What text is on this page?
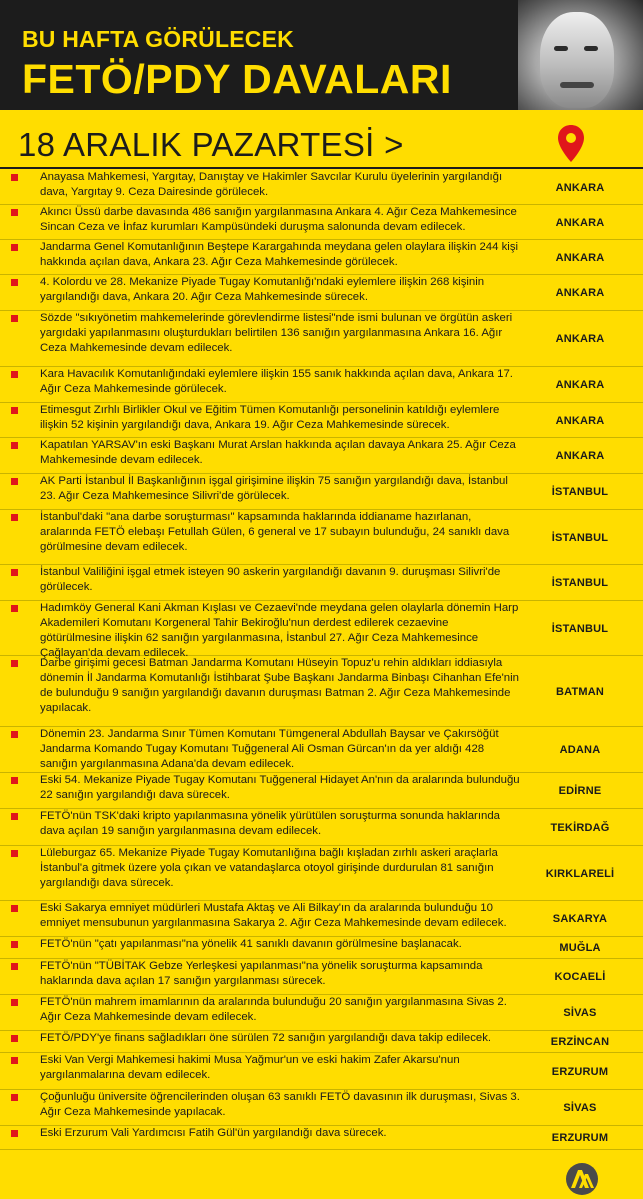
BU HAFTA GÖRÜLECEK
FETÖ/PDY DAVALARI
18 ARALIK PAZARTESİ >
Anayasa Mahkemesi, Yargıtay, Danıştay ve Hakimler Savcılar Kurulu üyelerinin yargılandığı dava, Yargıtay 9. Ceza Dairesinde görülecek.	ANKARA
Akıncı Üssü darbe davasında 486 sanığın yargılanmasına Ankara 4. Ağır Ceza Mahkemesince Sincan Ceza ve İnfaz kurumları Kampüsündeki duruşma salonunda devam edilecek.	ANKARA
Jandarma Genel Komutanlığının Beştepe Karargahında meydana gelen olaylara ilişkin 244 kişi hakkında açılan dava, Ankara 23. Ağır Ceza Mahkemesinde görülecek.	ANKARA
4. Kolordu ve 28. Mekanize Piyade Tugay Komutanlığı'ndaki eylemlere ilişkin 268 kişinin yargılandığı dava, Ankara 20. Ağır Ceza Mahkemesinde sürecek.	ANKARA
Sözde "sıkıyönetim mahkemelerinde görevlendirme listesi"nde ismi bulunan ve örgütün askeri yargıdaki yapılanmasını oluşturdukları belirtilen 136 sanığın yargılanmasına Ankara 16. Ağır Ceza Mahkemesinde devam edilecek.
ANKARA
Kara Havacılık Komutanlığındaki eylemlere ilişkin 155 sanık hakkında açılan dava, Ankara 17. Ağır Ceza Mahkemesinde görülecek.	ANKARA
Etimesgut Zırhlı Birlikler Okul ve Eğitim Tümen Komutanlığı personelinin katıldığı eylemlere ilişkin 52 kişinin yargılandığı dava, Ankara 19. Ağır Ceza Mahkemesinde sürecek.	ANKARA
Kapatılan YARSAV'ın eski Başkanı Murat Arslan hakkında açılan davaya Ankara 25. Ağır Ceza Mahkemesinde devam edilecek.	ANKARA
AK Parti İstanbul İl Başkanlığının işgal girişimine ilişkin 75 sanığın yargılandığı dava, İstanbul 23. Ağır Ceza Mahkemesince Silivri'de görülecek.	İSTANBUL
İstanbul'daki "ana darbe soruşturması" kapsamında haklarında iddianame hazırlanan, aralarında FETÖ elebaşı Fetullah Gülen, 6 general ve 17 subayın bulunduğu, 24 sanıklı dava görülmesine devam edilecek.
İSTANBUL
İstanbul Valiliğini işgal etmek isteyen 90 askerin yargılandığı davanın 9. duruşması Silivri'de görülecek.	İSTANBUL
Hadımköy General Kani Akman Kışlası ve Cezaevi'nde meydana gelen olaylarla dönemin Harp Akademileri Komutanı Korgeneral Tahir Bekiroğlu'nun derdest edilerek cezaevine götürülmesine ilişkin 62 sanığın yargılanmasına, İstanbul 27. Ağır Ceza Mahkemesince Çağlayan'da devam edilecek.
İSTANBUL
Darbe girişimi gecesi Batman Jandarma Komutanı Hüseyin Topuz'u rehin aldıkları iddiasıyla dönemin İl Jandarma Komutanlığı İstihbarat Şube Başkanı Jandarma Binbaşı Cihanhan Efe'nin de bulunduğu 9 sanığın yargılandığı davanın duruşması Batman 2. Ağır Ceza Mahkemesinde yapılacak.
BATMAN
Dönemin 23. Jandarma Sınır Tümen Komutanı Tümgeneral Abdullah Baysar ve Çakırsöğüt Jandarma Komando Tugay Komutanı Tuğgeneral Ali Osman Gürcan'ın da yer aldığı 428 sanığın yargılanmasına Adana'da devam edilecek.
ADANA
Eski 54. Mekanize Piyade Tugay Komutanı Tuğgeneral Hidayet An'nın da aralarında bulunduğu 22 sanığın yargılandığı dava sürecek.	EDİRNE
FETÖ'nün TSK'daki kripto yapılanmasına yönelik yürütülen soruşturma sonunda haklarında dava açılan 19 sanığın yargılanmasına devam edilecek.	TEKİRDAĞ
Lüleburgaz 65. Mekanize Piyade Tugay Komutanlığına bağlı kışladan zırhlı askeri araçlarla İstanbul'a gitmek üzere yola çıkan ve vatandaşlarca otoyol girişinde durdurulan 81 sanığın yargılandığı dava sürecek.
KIRKLARELİ
Eski Sakarya emniyet müdürleri Mustafa Aktaş ve Ali Bilkay'ın da aralarında bulunduğu 10 emniyet mensubunun yargılanmasına Sakarya 2. Ağır Ceza Mahkemesinde devam edilecek.	SAKARYA
FETÖ'nün "çatı yapılanması"na yönelik 41 sanıklı davanın görülmesine başlanacak.	MUĞLA
FETÖ'nün "TÜBİTAK Gebze Yerleşkesi yapılanması"na yönelik soruşturma kapsamında haklarında dava açılan 17 sanığın yargılanması sürecek.	KOCAELİ
FETÖ'nün mahrem imamlarının da aralarında bulunduğu 20 sanığın yargılanmasına Sivas 2. Ağır Ceza Mahkemesinde devam edilecek.	SİVAS
FETÖ/PDY'ye finans sağladıkları öne sürülen 72 sanığın yargılandığı dava takip edilecek.	ERZİNCAN
Eski Van Vergi Mahkemesi hakimi Musa Yağmur'un ve eski hakim Zafer Akarsu'nun yargılanmalarına devam edilecek.	ERZURUM
Çoğunluğu üniversite öğrencilerinden oluşan 63 sanıklı FETÖ davasının ilk duruşması, Sivas 3. Ağır Ceza Mahkemesinde yapılacak.	SİVAS
Eski Erzurum Vali Yardımcısı Fatih Gül'ün yargılandığı dava sürecek.	ERZURUM
